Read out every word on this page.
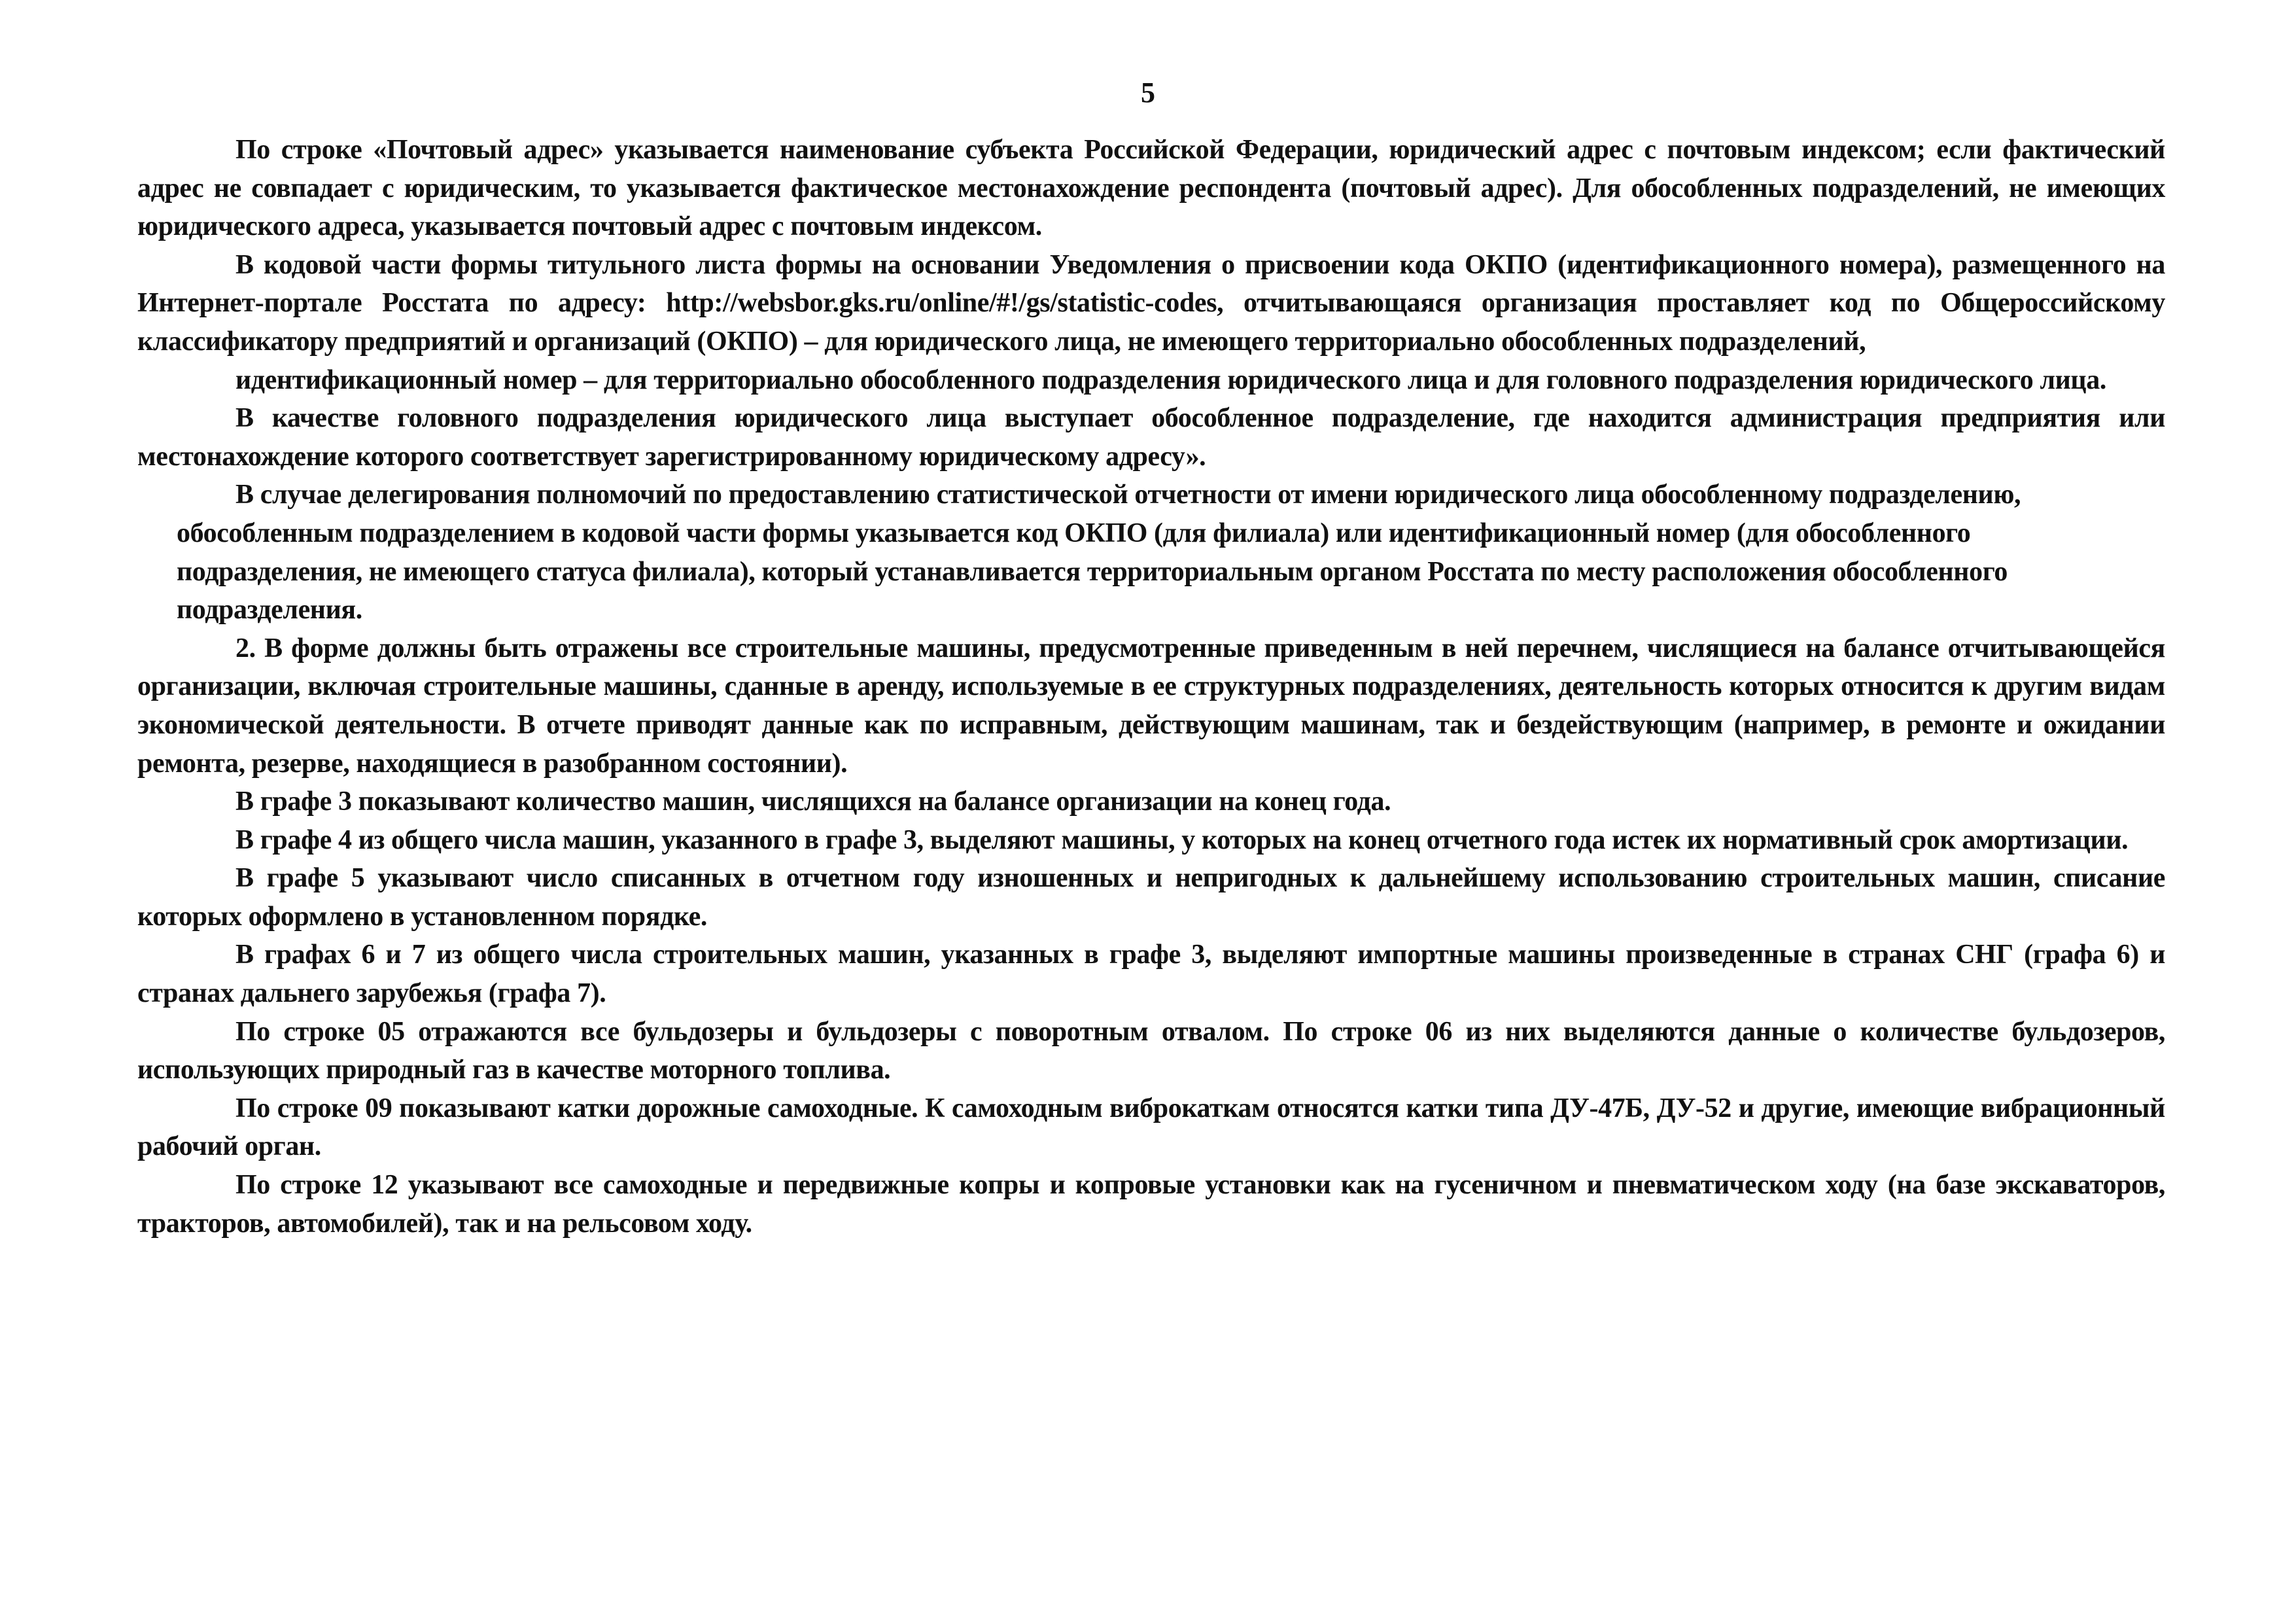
5

По строке «Почтовый адрес» указывается наименование субъекта Российской Федерации, юридический адрес с почтовым индексом; если фактический адрес не совпадает с юридическим, то указывается фактическое местонахождение респондента (почтовый адрес). Для обособленных подразделений, не имеющих юридического адреса, указывается почтовый адрес с почтовым индексом.

В кодовой части формы титульного листа формы на основании Уведомления о присвоении кода ОКПО (идентификационного номера), размещенного на Интернет-портале Росстата по адресу: http://websbor.gks.ru/online/#!/gs/statistic-codes, отчитывающаяся организация проставляет код по Общероссийскому классификатору предприятий и организаций (ОКПО) – для юридического лица, не имеющего территориально обособленных подразделений,

идентификационный номер – для территориально обособленного подразделения юридического лица и для головного подразделения юридического лица.

В качестве головного подразделения юридического лица выступает обособленное подразделение, где находится администрация предприятия или местонахождение которого соответствует зарегистрированному юридическому адресу».

В случае делегирования полномочий по предоставлению статистической отчетности от имени юридического лица обособленному подразделению, обособленным подразделением в кодовой части формы указывается код ОКПО (для филиала) или идентификационный номер (для обособленного подразделения, не имеющего статуса филиала), который устанавливается территориальным органом Росстата по месту расположения обособленного подразделения.

2. В форме должны быть отражены все строительные машины, предусмотренные приведенным в ней перечнем, числящиеся на балансе отчитывающейся организации, включая строительные машины, сданные в аренду, используемые в ее структурных подразделениях, деятельность которых относится к другим видам экономической деятельности. В отчете приводят данные как по исправным, действующим машинам, так и бездействующим (например, в ремонте и ожидании ремонта, резерве, находящиеся в разобранном состоянии).

В графе 3 показывают количество машин, числящихся на балансе организации на конец года.

В графе 4 из общего числа машин, указанного в графе 3, выделяют машины, у которых на конец отчетного года истек их нормативный срок амортизации.

В графе 5 указывают число списанных в отчетном году изношенных и непригодных к дальнейшему использованию строительных машин, списание которых оформлено в установленном порядке.

В графах 6 и 7 из общего числа строительных машин, указанных в графе 3, выделяют импортные машины произведенные в странах СНГ (графа 6) и странах дальнего зарубежья (графа 7).

По строке 05 отражаются все бульдозеры и бульдозеры с поворотным отвалом. По строке 06 из них выделяются данные о количестве бульдозеров, использующих природный газ в качестве моторного топлива.

По строке 09 показывают катки дорожные самоходные. К самоходным виброкаткам относятся катки типа ДУ-47Б, ДУ-52 и другие, имеющие вибрационный рабочий орган.

По строке 12 указывают все самоходные и передвижные копры и копровые установки как на гусеничном и пневматическом ходу (на базе экскаваторов, тракторов, автомобилей), так и на рельсовом ходу.
